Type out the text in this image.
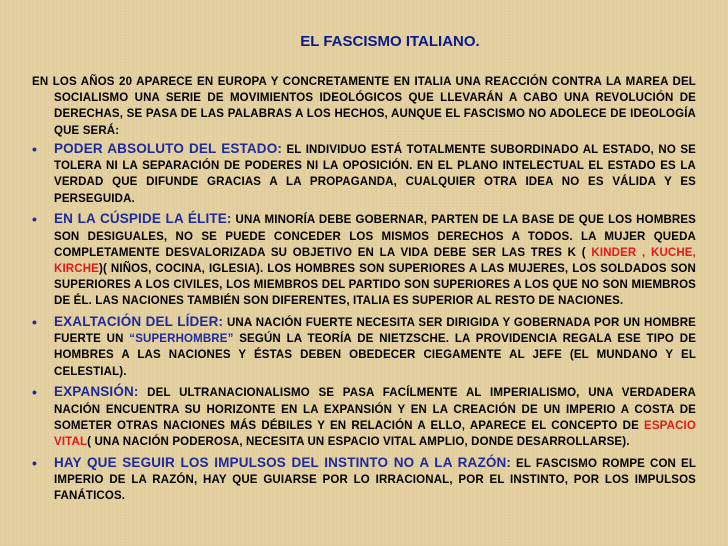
EL FASCISMO ITALIANO.
EN LOS AÑOS 20 APARECE EN EUROPA Y CONCRETAMENTE EN ITALIA UNA REACCIÓN CONTRA LA MAREA DEL SOCIALISMO UNA SERIE DE MOVIMIENTOS IDEOLÓGICOS QUE LLEVARÁN A CABO UNA REVOLUCIÓN DE DERECHAS, SE PASA DE LAS PALABRAS A LOS HECHOS, AUNQUE EL FASCISMO NO ADOLECE DE IDEOLOGÍA QUE SERÁ:
• PODER ABSOLUTO DEL ESTADO: EL INDIVIDUO ESTÁ TOTALMENTE SUBORDINADO AL ESTADO, NO SE TOLERA NI LA SEPARACIÓN DE PODERES NI LA OPOSICIÓN. EN EL PLANO INTELECTUAL EL ESTADO ES LA VERDAD QUE DIFUNDE GRACIAS A LA PROPAGANDA, CUALQUIER OTRA IDEA NO ES VÁLIDA Y ES PERSEGUIDA.
• EN LA CÚSPIDE LA ÉLITE: UNA MINORÍA DEBE GOBERNAR, PARTEN DE LA BASE DE QUE LOS HOMBRES SON DESIGUALES, NO SE PUEDE CONCEDER LOS MISMOS DERECHOS A TODOS. LA MUJER QUEDA COMPLETAMENTE DESVALORIZADA SU OBJETIVO EN LA VIDA DEBE SER LAS TRES K ( KINDER , KUCHE, KIRCHE)( NIÑOS, COCINA, IGLESIA). LOS HOMBRES SON SUPERIORES A LAS MUJERES, LOS SOLDADOS SON SUPERIORES A LOS CIVILES, LOS MIEMBROS DEL PARTIDO SON SUPERIORES A LOS QUE NO SON MIEMBROS DE ÉL. LAS NACIONES TAMBIÉN SON DIFERENTES, ITALIA ES SUPERIOR AL RESTO DE NACIONES.
• EXALTACIÓN DEL LÍDER: UNA NACIÓN FUERTE NECESITA SER DIRIGIDA Y GOBERNADA POR UN HOMBRE FUERTE UN “SUPERHOMBRE” SEGÚN LA TEORÍA DE NIETZSCHE. LA PROVIDENCIA REGALA ESE TIPO DE HOMBRES A LAS NACIONES Y ÉSTAS DEBEN OBEDECER CIEGAMENTE AL JEFE (EL MUNDANO Y EL CELESTIAL).
• EXPANSIÓN: DEL ULTRANACIONALISMO SE PASA FACÍLMENTE AL IMPERIALISMO, UNA VERDADERA NACIÓN ENCUENTRA SU HORIZONTE EN LA EXPANSIÓN Y EN LA CREACIÓN DE UN IMPERIO A COSTA DE SOMETER OTRAS NACIONES MÁS DÉBILES Y EN RELACIÓN A ELLO, APARECE EL CONCEPTO DE ESPACIO VITAL( UNA NACIÓN PODEROSA, NECESITA UN ESPACIO VITAL AMPLIO, DONDE DESARROLLARSE).
• HAY QUE SEGUIR LOS IMPULSOS DEL INSTINTO NO A LA RAZÓN: EL FASCISMO ROMPE CON EL IMPERIO DE LA RAZÓN, HAY QUE GUIARSE POR LO IRRACIONAL, POR EL INSTINTO, POR LOS IMPULSOS FANÁTICOS.
